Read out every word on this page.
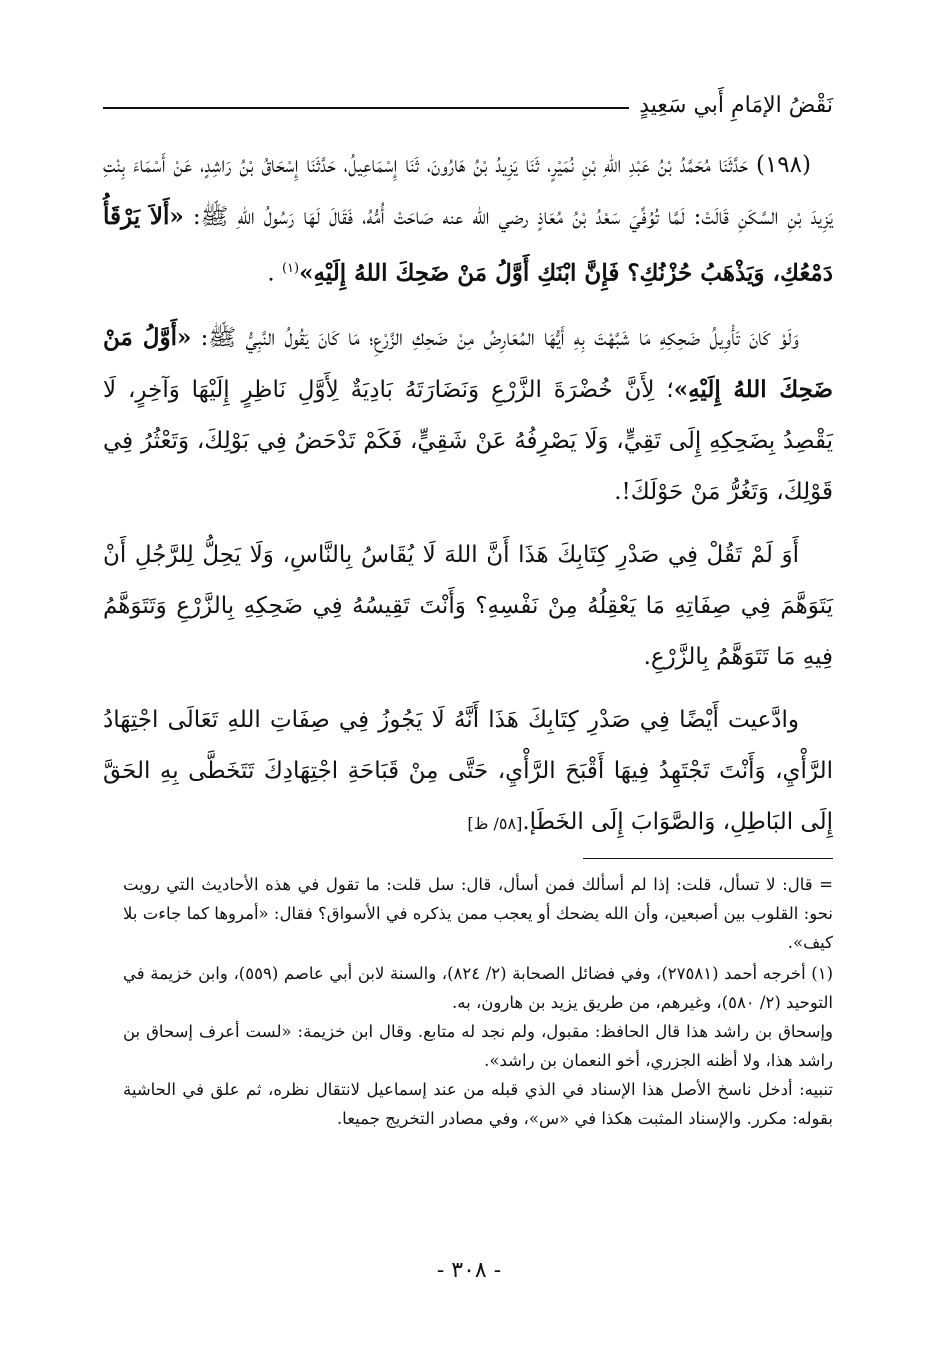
نَقْضُ الإمَامِ أَبي سَعِيدٍ

(١٩٨) حَدَّثَنَا مُحَمَّدُ بْنُ عَبْدِ اللهِ بْنِ نُمَيْرٍ، ثَنَا يَزِيدُ بْنُ هَارُونَ، ثَنَا إِسْمَاعِيلُ، حَدَّثَنَا إِسْحَاقُ بْنُ رَاشِدٍ، عَنْ أَسْمَاءَ بِنْتِ يَزِيدَ بْنِ السَّكَنِ قَالَتْ: لَمَّا تُوُفِّيَ سَعْدُ بْنُ مُعَاذٍ رضي الله عنه صَاحَتْ أُمُّهُ، فَقَالَ لَهَا رَسُولُ اللهِ ﷺ: «أَلاَ يَرْقَأُ دَمْعُكِ، وَيَذْهَبُ حُزْنُكِ؟ فَإِنَّ ابْنَكِ أَوَّلُ مَنْ ضَحِكَ اللهُ إِلَيْهِ»$^{(١)}$ .

وَلَوْ كَانَ تَأْوِيلُ ضَحِكِهِ مَا شَبَّهْتَ بِهِ أَيُّهَا المُعَارِضُ مِنْ ضَحِكِ الزَّرْعِ؛ مَا كَانَ يَقُولُ النَّبِيُّ ﷺ: «أَوَّلُ مَنْ ضَحِكَ اللهُ إِلَيْهِ»؛ لِأَنَّ خُضْرَةَ الزَّرْعِ وَنَضَارَتَهُ بَادِيَةٌ لِأَوَّلِ نَاظِرٍ إِلَيْهَا وَآخِرٍ، لَا يَقْصِدُ بِضَحِكِهِ إِلَى تَقِيٍّ، وَلَا يَصْرِفُهُ عَنْ شَقِيٍّ، فَكَمْ تَدْحَضُ فِي بَوْلِكَ، وَتَعْثُرُ فِي قَوْلِكَ، وَتَغُرُّ مَنْ حَوْلَكَ!.

أَوَ لَمْ تَقُلْ فِي صَدْرِ كِتَابِكَ هَذَا أَنَّ اللهَ لَا يُقَاسُ بِالنَّاسِ، وَلَا يَحِلُّ لِلرَّجُلِ أَنْ يَتَوَهَّمَ فِي صِفَاتِهِ مَا يَعْقِلُهُ مِنْ نَفْسِهِ؟ وَأَنْتَ تَقِيسُهُ فِي ضَحِكِهِ بِالزَّرْعِ وَتَتَوَهَّمُ فِيهِ مَا تَتَوَهَّمُ بِالزَّرْعِ.

وادَّعيت أَيْضًا فِي صَدْرِ كِتَابِكَ هَذَا أَنَّهُ لَا يَجُوزُ فِي صِفَاتِ اللهِ تَعَالَى اجْتِهَادُ الرَّأْيِ، وَأَنْتَ تَجْتَهِدُ فِيهَا أَقْبَحَ الرَّأْيِ، حَتَّى مِنْ قَبَاحَةِ اجْتِهَادِكَ تَتَخَطَّى بِهِ الحَقَّ إِلَى البَاطِلِ، وَالصَّوَابَ إِلَى الخَطَإ.[٥٨/ ظ]

= قال: لا تسأل، قلت: إذا لم أسألك فمن أسأل، قال: سل قلت: ما تقول في هذه الأحاديث التي رويت نحو: القلوب بين أصبعين، وأن الله يضحك أو يعجب ممن يذكره في الأسواق؟ فقال: «أمروها كما جاءت بلا كيف».

(١) أخرجه أحمد (٢٧٥٨١)، وفي فضائل الصحابة (٢/ ٨٢٤)، والسنة لابن أبي عاصم (٥٥٩)، وابن خزيمة في التوحيد (٢/ ٥٨٠)، وغيرهم، من طريق يزيد بن هارون، به.

وإسحاق بن راشد هذا قال الحافظ: مقبول، ولم نجد له متابع. وقال ابن خزيمة: «لست أعرف إسحاق بن راشد هذا، ولا أظنه الجزري، أخو النعمان بن راشد».

تنبيه: أدخل ناسخ الأصل هذا الإسناد في الذي قبله من عند إسماعيل لانتقال نظره، ثم علق في الحاشية بقوله: مكرر. والإسناد المثبت هكذا في «س»، وفي مصادر التخريج جميعا.

- ٣٠٨ -
